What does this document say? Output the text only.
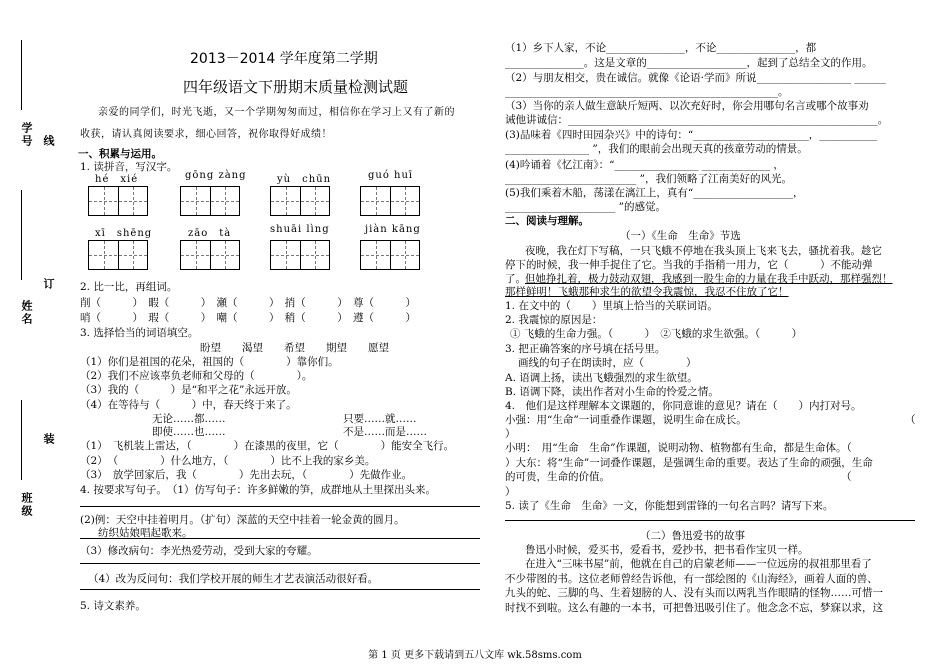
学号 线
姓名
订
班级
装
2013－2014 学年度第二学期
四年级语文下册期末质量检测试题
亲爱的同学们，时光飞逝，又一个学期匆匆而过，相信你在学习上又有了新的
收获，请认真阅读要求，细心回答，祝你取得好成绩！
一、积累与运用。
1. 读拼音，写汉字。
hé　xié	gōng zàng	yù　chūn	guó huī
xī　shēng	zāo　tà	shuāi lìng	jiàn kāng
2. 比一比，再组词。
削（　　　）　暇（　　　）　瀬（　　　）　捎（　　　）　尊（　　　）
哨（　　　）　瑕（　　　）　嘲（　　　）　稍（　　　）　遵（　　　）
3. 选择恰当的词语填空。
盼望　　渴望　　希望　　期望　　愿望
（1）你们是祖国的花朵，祖国的（　　　　）靠你们。
（2）我们不应该辜负老师和父母的（　　　　）。
（3）我的（　　　）是“和平之花”永远开放。
（4）在等待与（　　　）中，春天终于来了。
无论……都……	只要……就……
即使……也……	不是……而是……
（1）　飞机装上雷达，（　　　　）在漆黑的夜里，它（　　　　）能安全飞行。
（2）　（　　　　）什么地方，（　　　　）比不上我的家乡美。
（3）　放学回家后，我（　　　　）先出去玩，（　　　　）先做作业。
4. 按要求写句子。　（1）仿写句子：许多鲜嫩的笋，成群地从土里探出头来。
(2)例：天空中挂着明月。（扩句）深蓝的天空中挂着一轮金黄的圆月。
纺织姑娘唱起歌来。
（3）修改病句：李光热爱劳动，受到大家的夸耀。
（4）改为反问句：我们学校开展的师生才艺表演活动很好看。
5. 诗文素养。
（1）乡下人家，不论_______________，不论_______________，都
_______________。这是文章的___________________，起到了总结全文的作用。
（2）与朋友相交，贵在诚信。就像《论语·学而》所说__________________ ______
____________________________________________________。
（3）当你的亲人做生意缺斤短两、以次充好时，你会用哪句名言或哪个故事劝
诫他讲诚信：___________________________________________________________。
(3)品味着《四时田园杂兴》中的诗句：“______________________，___________
________________ ”，我们的眼前会出现天真的孩童劳动的情景。
(4)吟诵着《忆江南》：“________________ _____________ ，
_________________________ ”，我们领略了江南美好的风光。
(5)我们乘着木船，荡漾在漓江上，真有“___________________，
_____________________ ”的感觉。
二、阅读与理解。
（一）《生命　生命》节选
夜晚，我在灯下写稿，一只飞蛾不停地在我头顶上飞来飞去，骚扰着我。趁它
停下的时候，我一伸手捉住了它。当我的手指稍一用力，它（　　　）不能动弹
了。 但她挣扎着，极力鼓动双翅，我感到一股生命的力量在我手中跃动，那样强烈！
那样鲜明！飞蛾那种求生的欲望令我震惊，我忍不住放了它！
1. 在文中的（　　）里填上恰当的关联词语。
2. 我震惊的原因是：
① 飞蛾的生命力强。（　　　）　②飞蛾的求生欲强。（　　　）
3. 把正确答案的序号填在括号里。
画线的句子在朗读时，应（　　　　）
A. 语调上扬，读出飞蛾强烈的求生欲望。
B. 语调下降，读出作者对小生命的怜爱之情。
4.　他们是这样理解本文课题的，你同意谁的意见？请在（　　）内打对号。
小强：用“生命”一词重叠作课题，说明生命在成长。	（
）
小明：　用“生命　生命”作课题，说明动物、植物都有生命，都是生命体。（
）大东：将“生命”一词叠作课题，是强调生命的重要。表达了生命的顽强，生命
的可贵，生命的价值。　　　　　　　　　　　　　　　　　　　　　　　（
）
5. 读了《生命　生命》一文，你能想到雷锋的一句名言吗？请写下来。
（二）鲁迅爱书的故事
鲁迅小时候，爱买书，爱看书，爱抄书，把书看作宝贝一样。
在进入“三味书屋”前，他就在自己的启蒙老师——一位远房的叔祖那里看了
不少带图的书。这位老师曾经告诉他，有一部绘图的《山海经》，画着人面的兽、
九头的蛇、三脚的鸟、生着翅膀的人、没有头而以两乳当作眼睛的怪物……可惜一
时找不到啦。这么有趣的一本书，可把鲁迅吸引住了。他念念不忘，梦寐以求，这
第 1 页 更多下载请到五八文库 wk.58sms.com
